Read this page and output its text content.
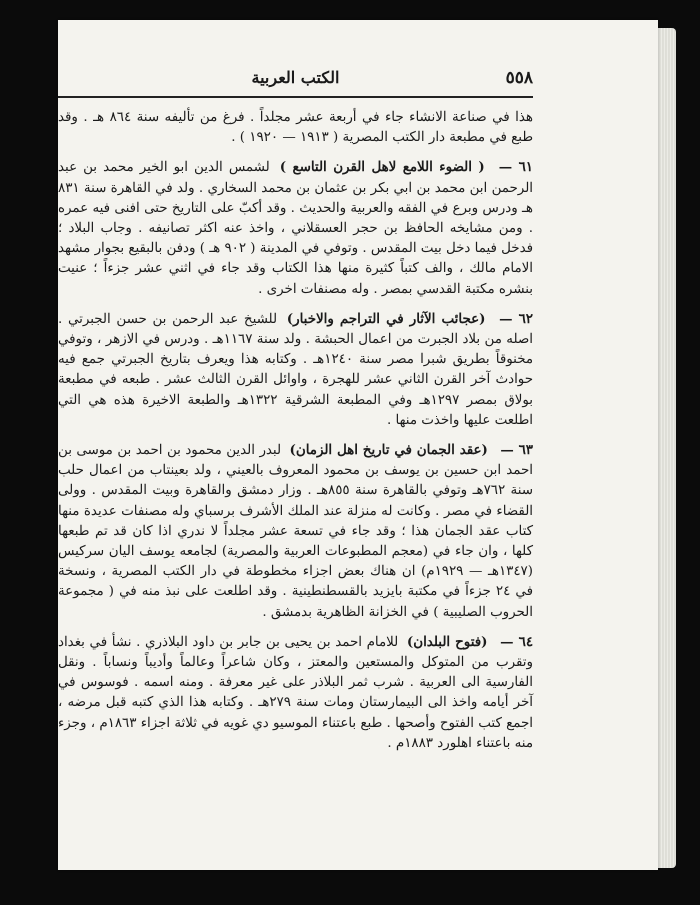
٥٥٨
الكتب العربية

هذا في صناعة الانشاء جاء في أربعة عشر مجلداً . فرغ من تأليفه سنة ٨٦٤ هـ . وقد طبع في مطبعة دار الكتب المصرية ( ١٩١٣ — ١٩٢٠ ) .

٦١ — ( الضوء اللامع لاهل القرن التاسع ) لشمس الدين ابو الخير محمد بن عبد الرحمن ابن محمد بن ابي بكر بن عثمان بن محمد السخاري . ولد في القاهرة سنة ٨٣١ هـ ودرس وبرع في الفقه والعربية والحديث . وقد أكبّ على التاريخ حتى افنى فيه عمره . ومن مشايخه الحافظ بن حجر العسقلاني ، واخذ عنه اكثر تصانيفه . وجاب البلاد ؛ فدخل فيما دخل بيت المقدس . وتوفي في المدينة ( ٩٠٢ هـ ) ودفن بالبقيع بجوار مشهد الامام مالك ، والف كتباً كثيرة منها هذا الكتاب وقد جاء في اثني عشر جزءاً ؛ عنيت بنشره مكتبة القدسي بمصر . وله مصنفات اخرى .

٦٢ — (عجائب الآثار في التراجم والاخبار) للشيخ عبد الرحمن بن حسن الجبرتي . اصله من بلاد الجبرت من اعمال الحبشة . ولد سنة ١١٦٧هـ . ودرس في الازهر ، وتوفي مخنوقاً بطريق شبرا مصر سنة ١٢٤٠هـ . وكتابه هذا ويعرف بتاريخ الجبرتي جمع فيه حوادث آخر القرن الثاني عشر للهجرة ، واوائل القرن الثالث عشر . طبعه في مطبعة بولاق بمصر ١٢٩٧هـ وفي المطبعة الشرقية ١٣٢٢هـ والطبعة الاخيرة هذه هي التي اطلعت عليها واخذت منها .

٦٣ — (عقد الجمان في تاريخ اهل الزمان) لبدر الدين محمود بن احمد بن موسى بن احمد ابن حسين بن يوسف بن محمود المعروف بالعيني ، ولد بعينتاب من اعمال حلب سنة ٧٦٢هـ وتوفي بالقاهرة سنة ٨٥٥هـ . وزار دمشق والقاهرة وبيت المقدس . وولى القضاء في مصر . وكانت له منزلة عند الملك الأشرف برسباي وله مصنفات عديدة منها كتاب عقد الجمان هذا ؛ وقد جاء في تسعة عشر مجلداً لا ندري اذا كان قد تم طبعها كلها ، وان جاء في (معجم المطبوعات العربية والمصرية) لجامعه يوسف اليان سركيس (١٣٤٧هـ — ١٩٢٩م) ان هناك بعض اجزاء مخطوطة في دار الكتب المصرية ، ونسخة في ٢٤ جزءاً في مكتبة بايزيد بالقسطنطينية . وقد اطلعت على نبذ منه في ( مجموعة الحروب الصليبية ) في الخزانة الظاهرية بدمشق .

٦٤ — (فتوح البلدان) للامام احمد بن يحيى بن جابر بن داود البلاذري . نشأ في بغداد وتقرب من المتوكل والمستعين والمعتز ، وكان شاعراً وعالماً وأديباً ونساباً . ونقل الفارسية الى العربية . شرب ثمر البلاذر على غير معرفة . ومنه اسمه . فوسوس في آخر أيامه واخذ الى البيمارستان ومات سنة ٢٧٩هـ . وكتابه هذا الذي كتبه قبل مرضه ، اجمع كتب الفتوح وأصحها . طبع باعتناء الموسيو دي غويه في ثلاثة اجزاء ١٨٦٣م ، وجزء منه باعتناء اهلورد ١٨٨٣م .
